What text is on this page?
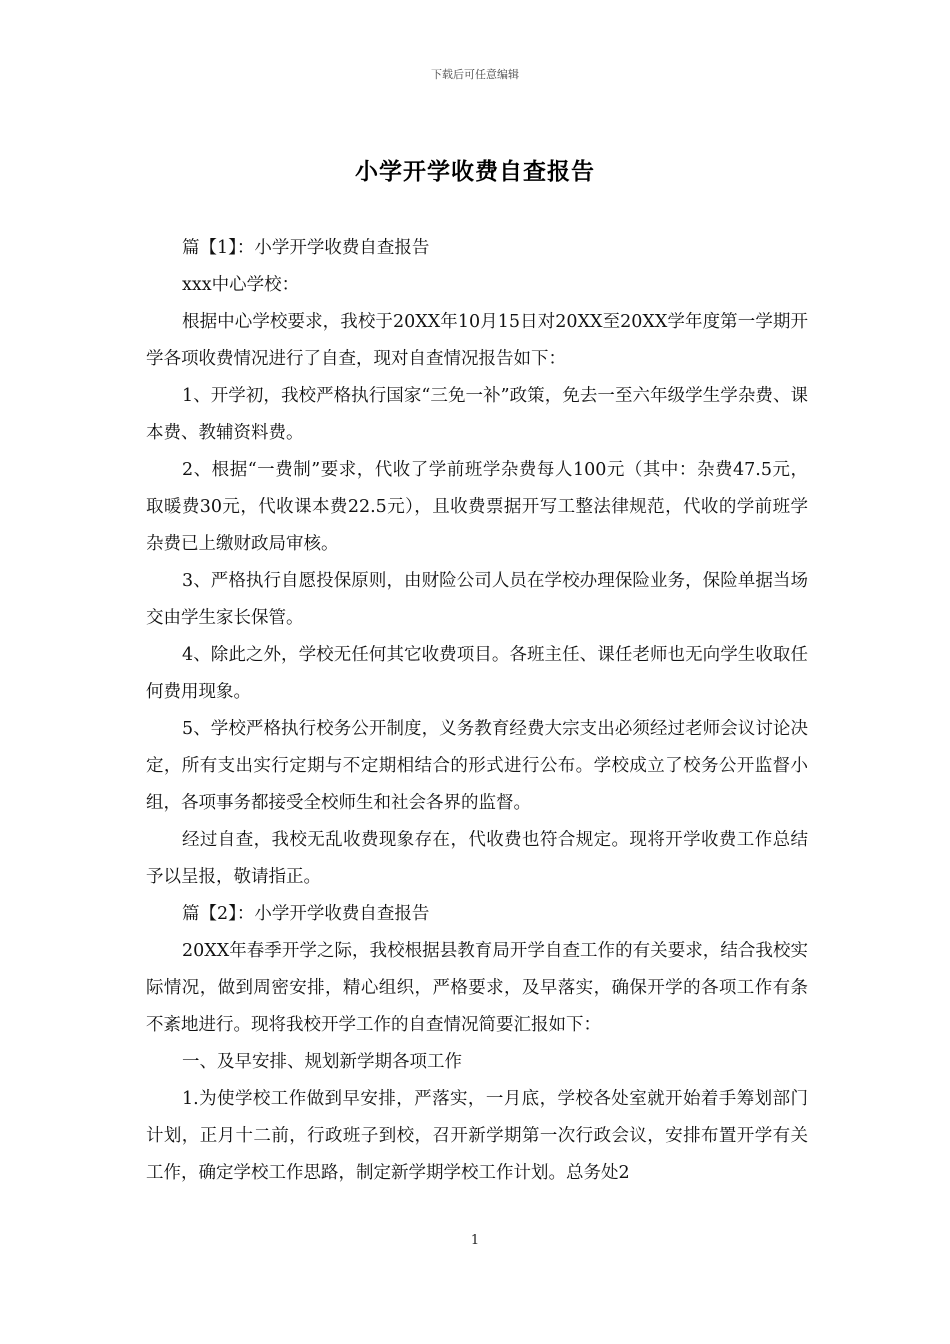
下载后可任意编辑
小学开学收费自查报告

篇【1】：小学开学收费自查报告

xxx中心学校：

根据中心学校要求，我校于20XX年10月15日对20XX至20XX学年度第一学期开学各项收费情况进行了自查，现对自查情况报告如下：

1、开学初，我校严格执行国家“三免一补”政策，免去一至六年级学生学杂费、课本费、教辅资料费。

2、根据“一费制”要求，代收了学前班学杂费每人100元（其中：杂费47.5元，取暖费30元，代收课本费22.5元），且收费票据开写工整法律规范，代收的学前班学杂费已上缴财政局审核。

3、严格执行自愿投保原则，由财险公司人员在学校办理保险业务，保险单据当场交由学生家长保管。

4、除此之外，学校无任何其它收费项目。各班主任、课任老师也无向学生收取任何费用现象。

5、学校严格执行校务公开制度，义务教育经费大宗支出必须经过老师会议讨论决定，所有支出实行定期与不定期相结合的形式进行公布。学校成立了校务公开监督小组，各项事务都接受全校师生和社会各界的监督。

经过自查，我校无乱收费现象存在，代收费也符合规定。现将开学收费工作总结予以呈报，敬请指正。

篇【2】：小学开学收费自查报告

20XX年春季开学之际，我校根据县教育局开学自查工作的有关要求，结合我校实际情况，做到周密安排，精心组织，严格要求，及早落实，确保开学的各项工作有条不紊地进行。现将我校开学工作的自查情况简要汇报如下：

一、及早安排、规划新学期各项工作

1.为使学校工作做到早安排，严落实，一月底，学校各处室就开始着手筹划部门计划，正月十二前，行政班子到校，召开新学期第一次行政会议，安排布置开学有关工作，确定学校工作思路，制定新学期学校工作计划。总务处2

1
